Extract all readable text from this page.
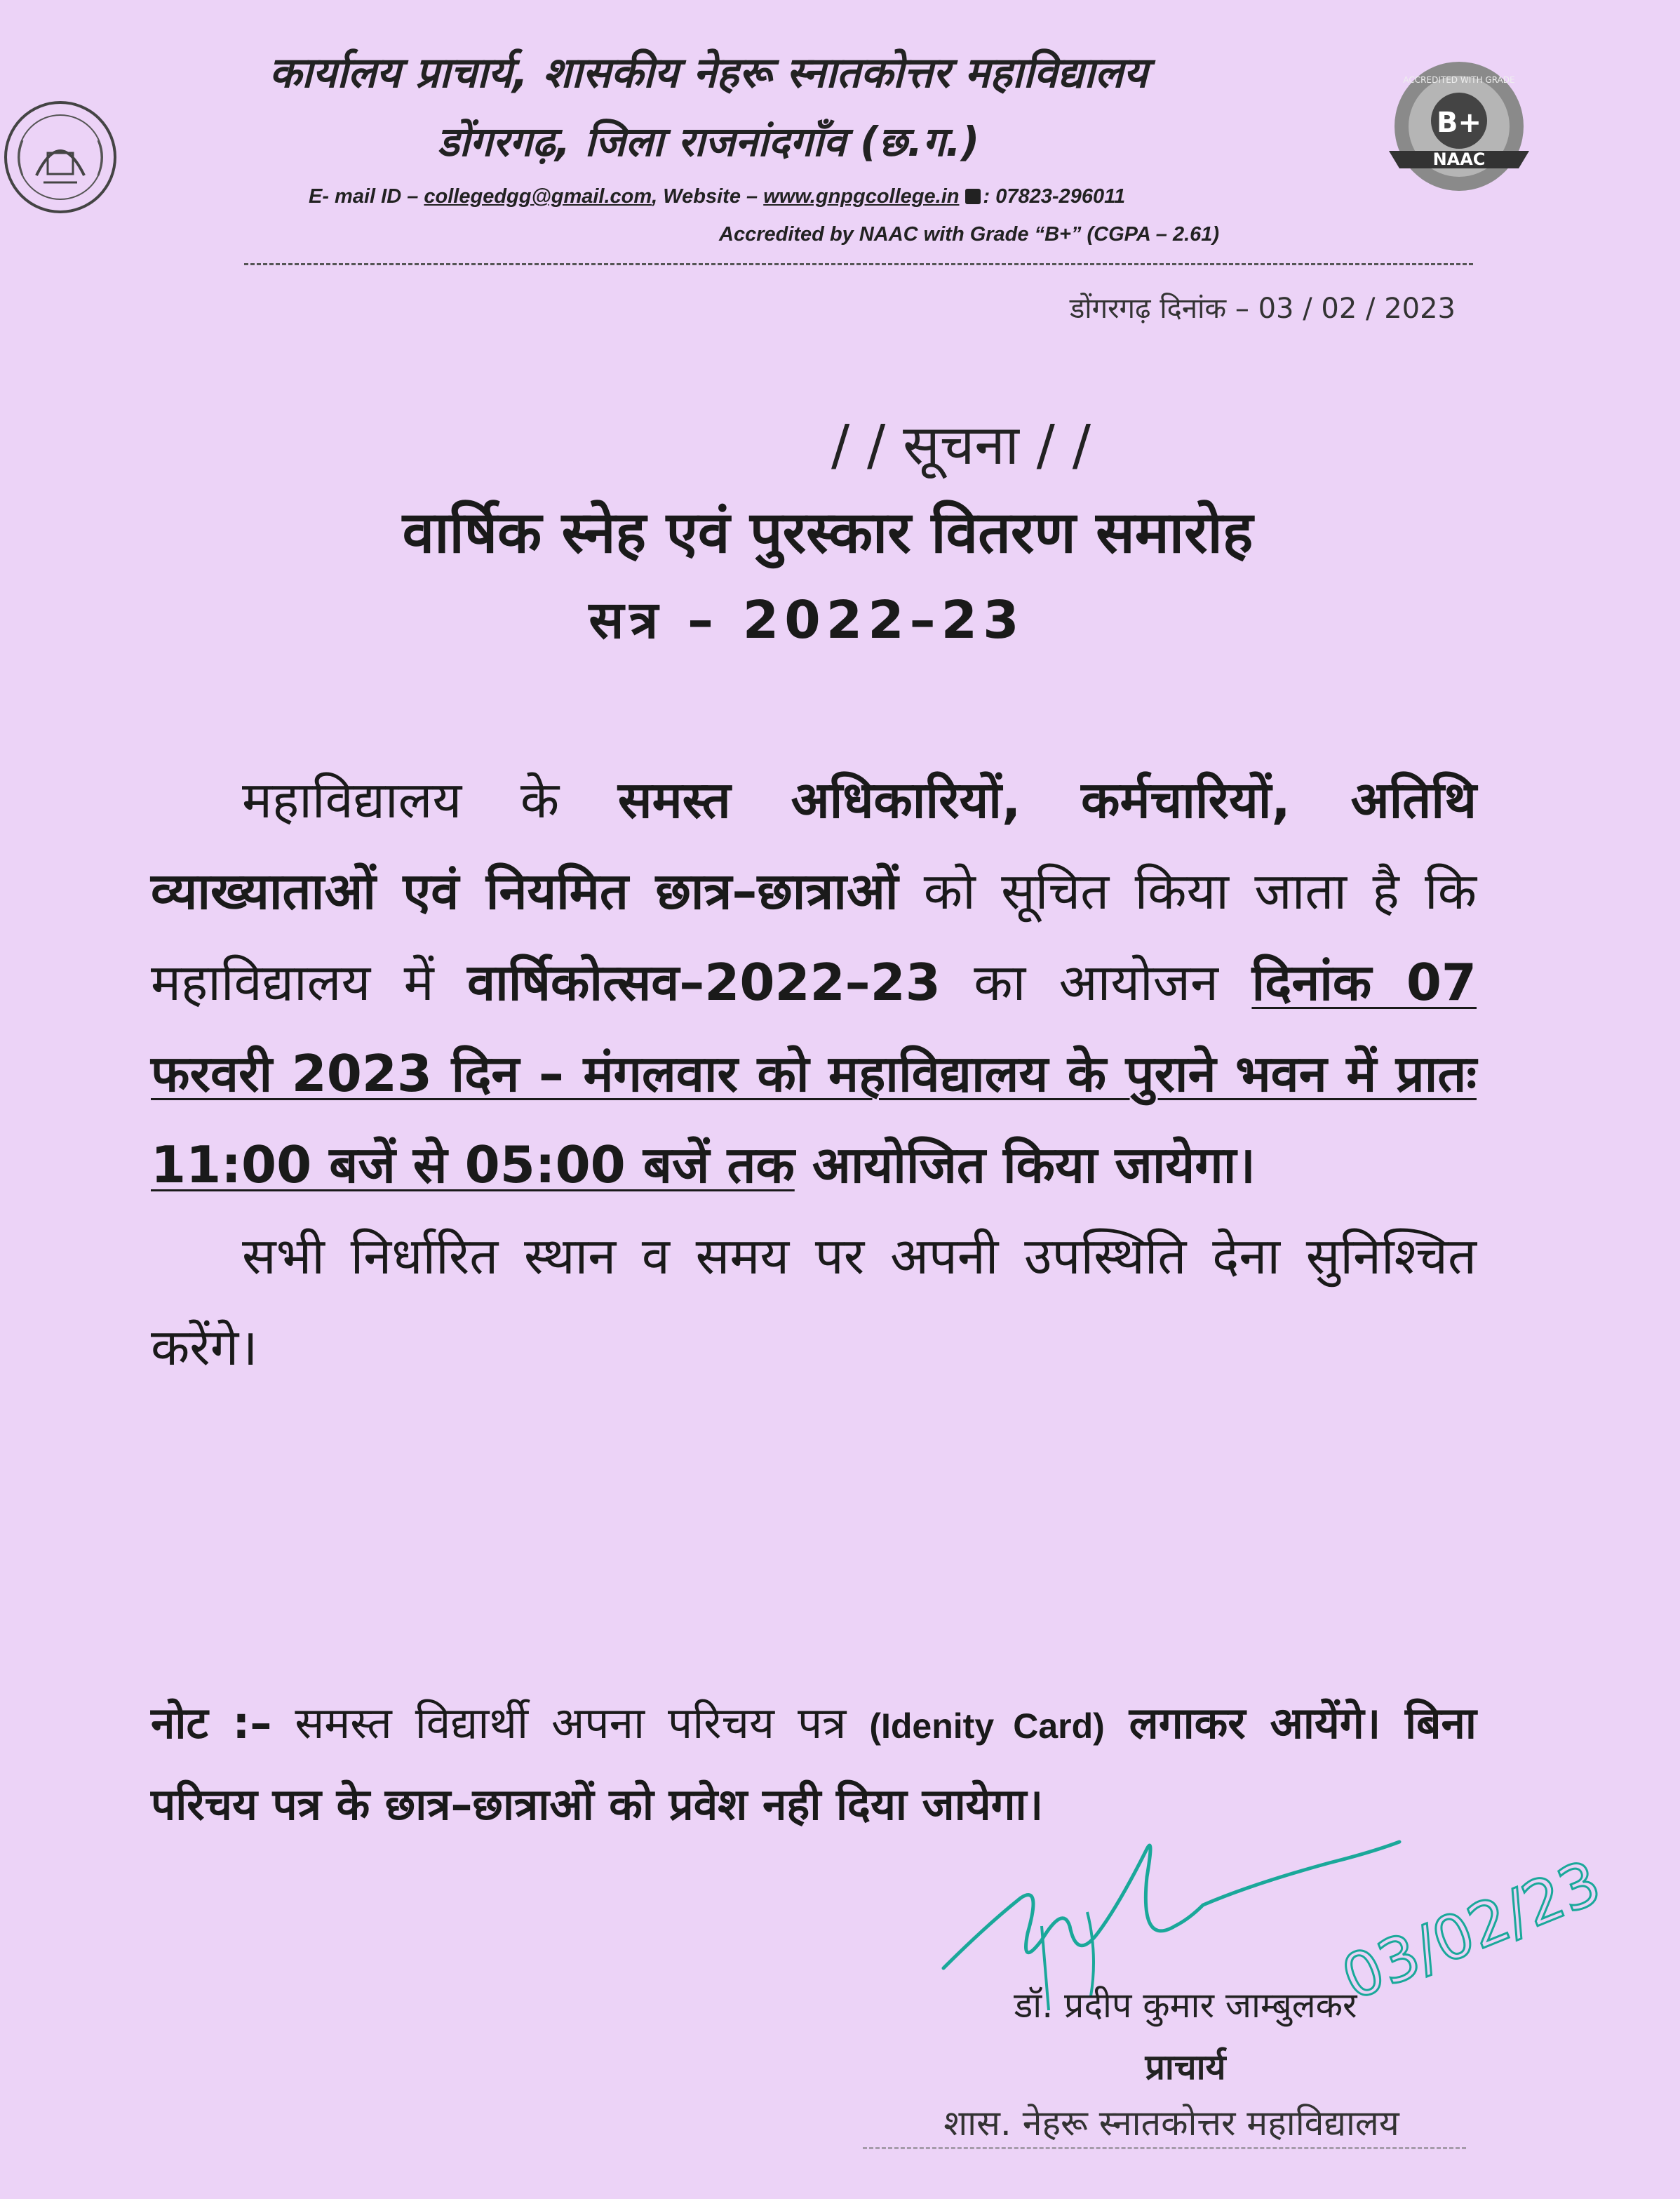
कार्यालय प्राचार्य, शासकीय नेहरू स्नातकोत्तर महाविद्यालय
डोंगरगढ़, जिला राजनांदगाँव (छ.ग.)
E- mail ID – collegedgg@gmail.com, Website – www.gnpgcollege.in : 07823-296011
Accredited by NAAC with Grade “B+” (CGPA – 2.61)
B+
NAAC
ACCREDITED WITH GRADE
डोंगरगढ़ दिनांक – 03 / 02 / 2023
/ / सूचना / /
वार्षिक स्नेह एवं पुरस्कार वितरण समारोह
सत्र – 2022–23

महाविद्यालय के समस्त अधिकारियों, कर्मचारियों, अतिथि व्याख्याताओं एवं नियमित छात्र–छात्राओं को सूचित किया जाता है कि महाविद्यालय में वार्षिकोत्सव–2022–23 का आयोजन दिनांक 07 फरवरी 2023 दिन – मंगलवार को महाविद्यालय के पुराने भवन में प्रातः 11:00 बजें से 05:00 बजें तक आयोजित किया जायेगा।

सभी निर्धारित स्थान व समय पर अपनी उपस्थिति देना सुनिश्चित करेंगे।

नोट :– समस्त विद्यार्थी अपना परिचय पत्र (Idenity Card) लगाकर आयेंगे। बिना परिचय पत्र के छात्र–छात्राओं को प्रवेश नही दिया जायेगा।
03/02/23
डॉ. प्रदीप कुमार जाम्बुलकर
प्राचार्य
शास. नेहरू स्नातकोत्तर महाविद्यालय
